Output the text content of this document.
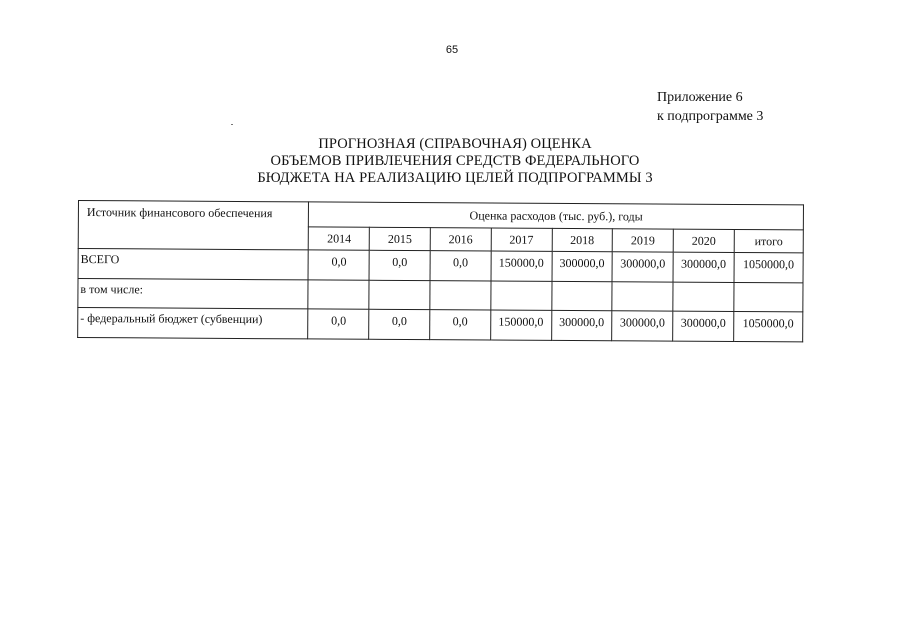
65
Приложение 6
к подпрограмме 3
ПРОГНОЗНАЯ (СПРАВОЧНАЯ) ОЦЕНКА
ОБЪЕМОВ ПРИВЛЕЧЕНИЯ СРЕДСТВ ФЕДЕРАЛЬНОГО
БЮДЖЕТА НА РЕАЛИЗАЦИЮ ЦЕЛЕЙ ПОДПРОГРАММЫ 3
Источник финансового обеспечения	Оценка расходов (тыс. руб.), годы							
	2014	2015	2016	2017	2018	2019	2020	итого
ВСЕГО	0,0	0,0	0,0	150000,0	300000,0	300000,0	300000,0	1050000,0
в том числе:								
- федеральный бюджет (субвенции)	0,0	0,0	0,0	150000,0	300000,0	300000,0	300000,0	1050000,0
